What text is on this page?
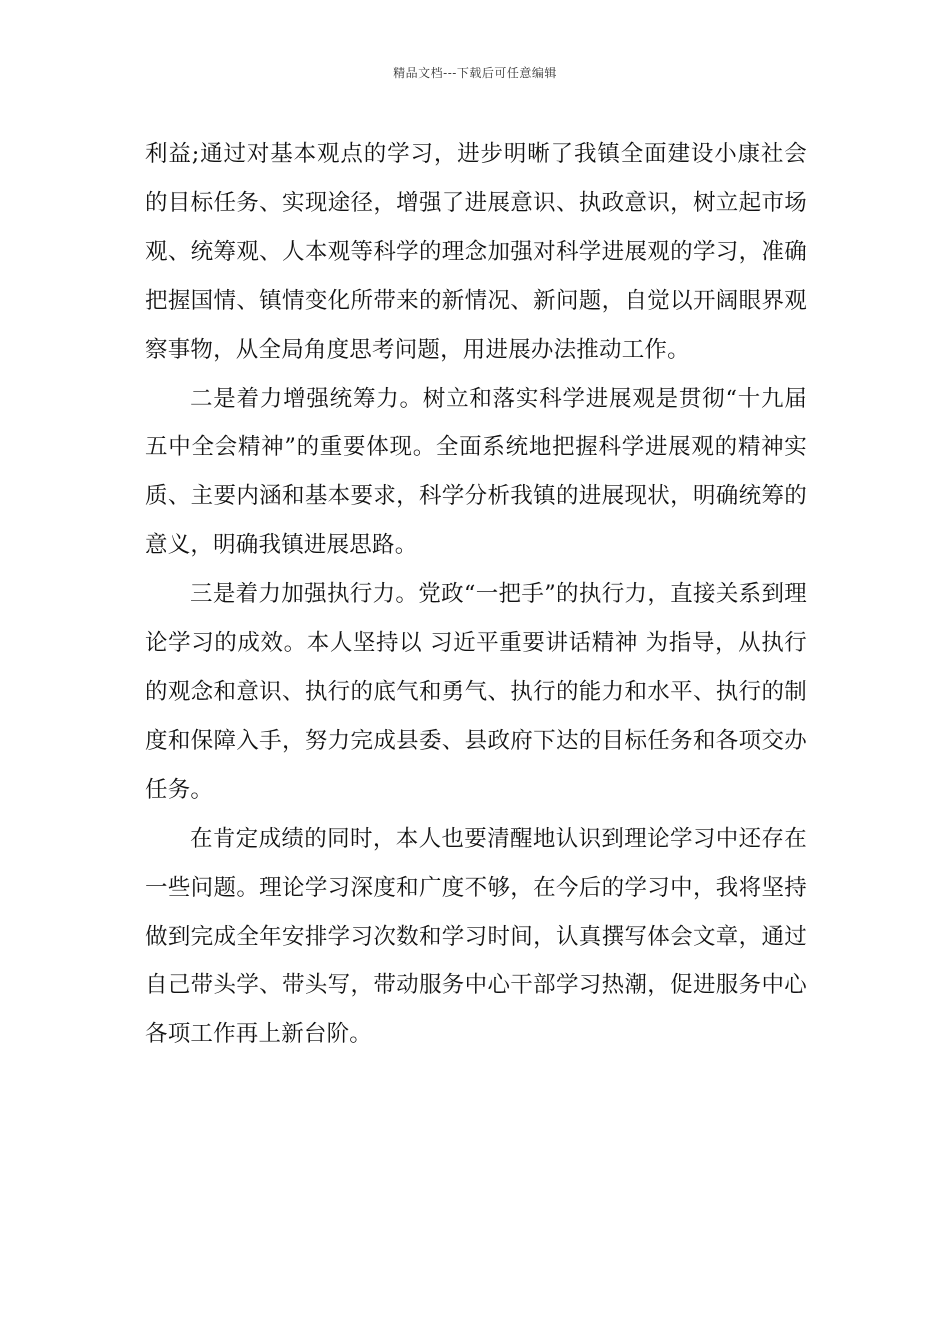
精品文档---下载后可任意编辑

利益;通过对基本观点的学习，进步明晰了我镇全面建设小康社会的目标任务、实现途径，增强了进展意识、执政意识，树立起市场观、统筹观、人本观等科学的理念加强对科学进展观的学习，准确把握国情、镇情变化所带来的新情况、新问题，自觉以开阔眼界观察事物，从全局角度思考问题，用进展办法推动工作。

二是着力增强统筹力。树立和落实科学进展观是贯彻“十九届五中全会精神”的重要体现。全面系统地把握科学进展观的精神实质、主要内涵和基本要求，科学分析我镇的进展现状，明确统筹的意义，明确我镇进展思路。

三是着力加强执行力。党政“一把手”的执行力，直接关系到理论学习的成效。本人坚持以 习近平重要讲话精神 为指导，从执行的观念和意识、执行的底气和勇气、执行的能力和水平、执行的制度和保障入手，努力完成县委、县政府下达的目标任务和各项交办任务。

在肯定成绩的同时，本人也要清醒地认识到理论学习中还存在一些问题。理论学习深度和广度不够，在今后的学习中，我将坚持做到完成全年安排学习次数和学习时间，认真撰写体会文章，通过自己带头学、带头写，带动服务中心干部学习热潮，促进服务中心各项工作再上新台阶。
